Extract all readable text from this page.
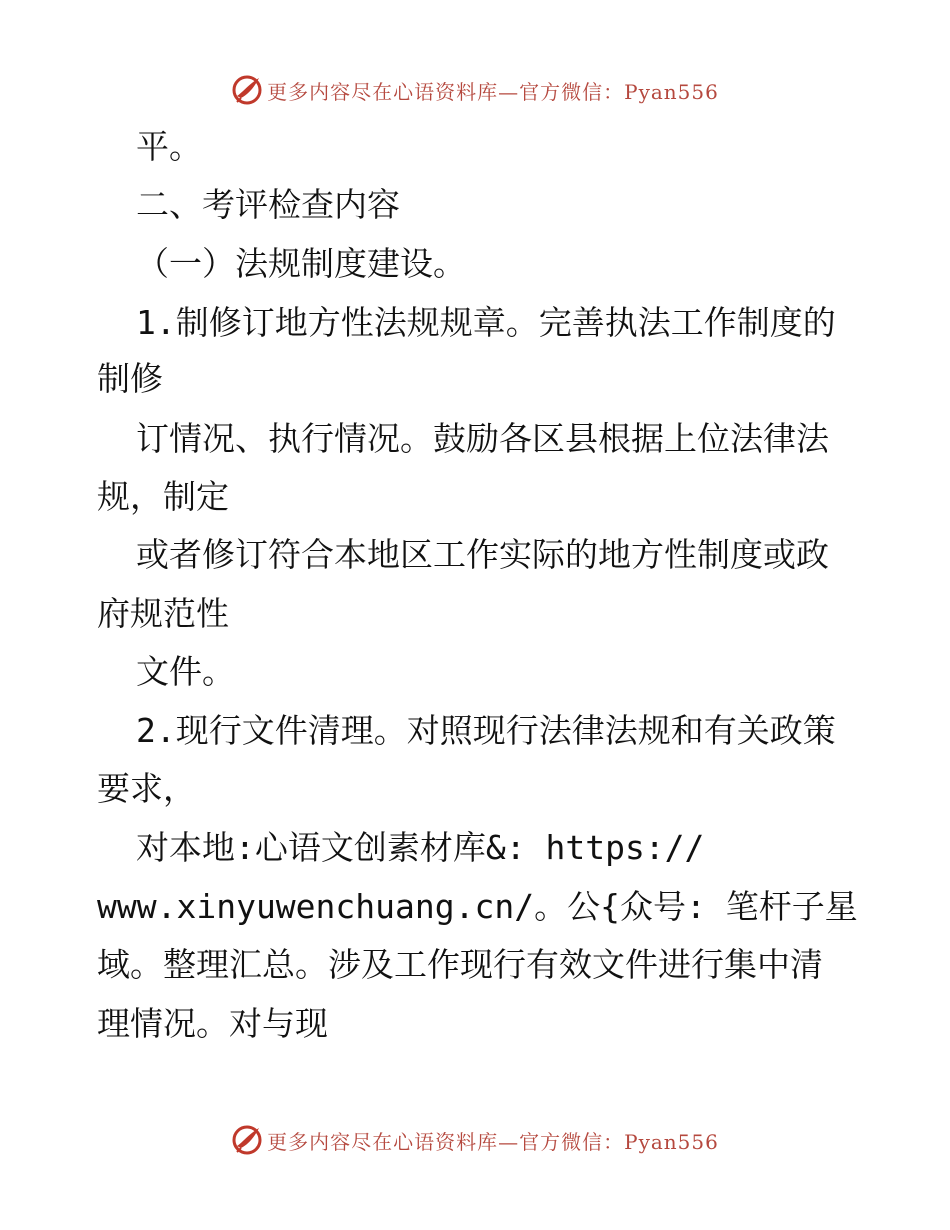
更多内容尽在心语资料库—官方微信：Pyan556
平。
二、考评检查内容
（一）法规制度建设。
1.制修订地方性法规规章。完善执法工作制度的
制修
订情况、执行情况。鼓励各区县根据上位法律法
规，制定
或者修订符合本地区工作实际的地方性制度或政
府规范性
文件。
2.现行文件清理。对照现行法律法规和有关政策
要求，
对本地:心语文创素材库&: https://
www.xinyuwenchuang.cn/。公{众号: 笔杆子星
域。整理汇总。涉及工作现行有效文件进行集中清
理情况。对与现
更多内容尽在心语资料库—官方微信：Pyan556
